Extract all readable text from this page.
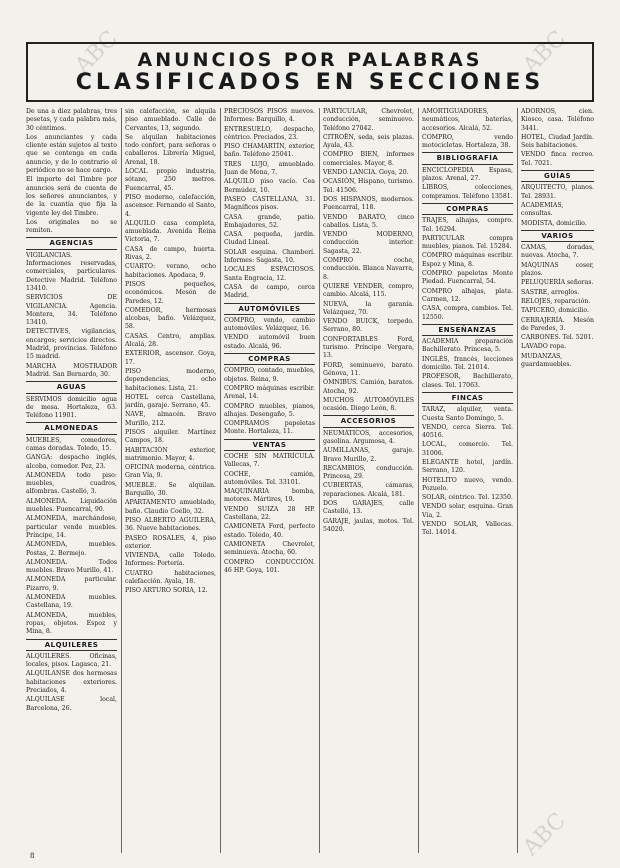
ABC	ABC
ABC
ANUNCIOS POR PALABRAS
CLASIFICADOS EN SECCIONES

De una a diez palabras, tres pesetas, y cada palabra más, 30 céntimos.

Los anunciantes y cada cliente están sujetos al texto que se contenga en cada anuncio, y de lo contrario el periódico no se hace cargo.

El importe del Timbre por anuncios será de cuenta de los señores anunciantes, y de la cuantía que fija la vigente ley del Timbre.

Los originales no se remiten.

AGENCIAS

VIGILANCIAS. Informaciones reservadas, comerciales, particulares. Detective Madrid. Teléfono 13410.

SERVICIOS DE VIGILANCIA. Agencia. Montera, 34. Teléfono 13410.

DETECTIVES, vigilancias, encargos; servicios directos. Madrid, provincias. Teléfono 15 madrid.

MARCHA MOSTRADOR Madrid. San Bernardo, 30.

AGUAS

SERVIMOS domicilio agua de mesa. Hortaleza, 63. Teléfono 11901.

ALMONEDAS

MUEBLES, comedores, camas doradas. Toledo, 15.

GANGA: despacho inglés, alcoba, comedor. Pez, 23.

ALMONEDA todo piso: muebles, cuadros, alfombras. Castelló, 3.

ALMONEDA. Liquidación muebles. Fuencarral, 90.

ALMONEDA, marchándose, particular vende muebles. Príncipe, 14.

ALMONEDA, muebles. Postas, 2. Bermejo.

ALMONEDA. Todos muebles. Bravo Murillo, 41.

ALMONEDA particular. Pizarro, 9.

ALMONEDA muebles. Castellana, 19.

ALMONEDA, muebles, ropas, objetos. Espoz y Mina, 8.

ALQUILERES

ALQUILERES. Oficinas, locales, pisos. Lagasca, 21.

ALQUILANSE dos hermosas habitaciones exteriores. Preciados, 4.

ALQUILASE local, Barcelona, 26.

sin calefacción, se alquila piso amueblado. Calle de Cervantes, 13, segundo.

Se alquilan habitaciones todo confort, para señoras o caballeros. Librería Miguel, Arenal, 18.

LOCAL propio industria, sótano, 250 metros. Fuencarral, 45.

PISO moderno, calefacción, ascensor. Fernando el Santo, 4.

ALQUILO casa completa, amueblada. Avenida Reina Victoria, 7.

CASA de campo, huerta. Rivas, 2.

CUARTO: verano, ocho habitaciones. Apodaca, 9.

PISOS pequeños, económicos. Mesón de Paredes, 12.

COMEDOR, hermosas alcobas, baño. Velázquez, 58.

CASAS. Centro, amplias. Alcalá, 28.

EXTERIOR, ascensor. Goya, 17.

PISO moderno, dependencias, ocho habitaciones. Lista, 21.

HOTEL cerca Castellana, jardín, garaje. Serrano, 45.

NAVE, almacén. Bravo Murillo, 212.

PISOS alquiler. Martínez Campos, 18.

HABITACIÓN exterior, matrimonio. Mayor, 4.

OFICINA moderna, céntrica. Gran Vía, 9.

MUEBLE. Se alquilan. Barquillo, 30.

APARTAMENTO amueblado, baño. Claudio Coello, 32.

PISO ALBERTO AGUILERA, 36. Nueve habitaciones.

PASEO ROSALES, 4, piso exterior.

VIVIENDA, calle Toledo. Informes: Portería.

CUATRO habitaciones, calefacción. Ayala, 18.

PISO ARTURO SORIA, 12.

PRECIOSOS PISOS nuevos. Informes: Barquillo, 4.

ENTRESUELO, despacho, céntrico. Preciados, 23.

PISO CHAMARTÍN, exterior, baño. Teléfono 25041.

TRES LUJO, amueblado. Juan de Mena, 7.

ALQUILO piso vacío. Cea Bermúdez, 10.

PASEO CASTELLANA, 31. Magníficos pisos.

CASA grande, patio. Embajadores, 52.

CASA pequeña, jardín. Ciudad Lineal.

SOLAR esquina. Chamberí. Informes: Sagasta, 10.

LOCALES ESPACIOSOS. Santa Engracia, 12.

CASA de campo, cerca Madrid.

AUTOMÓVILES

COMPRO, vendo, cambio automóviles. Velázquez, 16.

VENDO automóvil buen estado. Alcalá, 96.

COMPRAS

COMPRO, contado, muebles, objetos. Reina, 9.

COMPRO máquinas escribir. Arenal, 14.

COMPRO muebles, pianos, alhajas. Desengaño, 5.

COMPRAMOS papeletas Monte. Hortaleza, 11.

VENTAS

COCHE SIN MATRÍCULA. Vallecas, 7.

COCHE, camión, automóviles. Tel. 33101.

MAQUINARIA bomba, motores. Mártires, 19.

VENDO SUIZA 28 HP. Castellana, 22.

CAMIONETA Ford, perfecto estado. Toledo, 40.

CAMIONETA Chevrolet, seminueva. Atocha, 60.

COMPRO CONDUCCIÓN. 46 HP. Goya, 101.

PARTICULAR, Chevrolet, conducción, seminuevo. Teléfono 27042.

CITROËN, seda, seis plazas. Ayala, 43.

COMPRO BIEN, informes comerciales. Mayor, 8.

VENDO LANCIA. Goya, 20.

OCASIÓN, Hispano, turismo. Tel. 41506.

DOS HISPANOS, modernos. Fuencarral, 118.

VENDO BARATO, cinco caballos. Lista, 5.

VENDO MODERNO, conducción interior. Sagasta, 22.

COMPRO coche, conducción. Blanca Navarra, 8.

QUIERE VENDER, compro, cambio. Alcalá, 115.

NUEVA, la garanía. Velázquez, 70.

VENDO BUICK, torpedo. Serrano, 80.

CONFORTABLES Ford, turismo. Príncipe Vergara, 13.

FORD, seminuevo, barato. Génova, 11.

ÓMNIBUS. Camión, baratos. Atocha, 92.

MUCHOS AUTOMÓVILES ocasión. Diego León, 8.

ACCESORIOS

NEUMÁTICOS, accesorios, gasolina. Argumosa, 4.

AUMILLANAS, garaje. Bravo Murillo, 2.

RECAMBIOS, conducción. Princesa, 29.

CUBIERTAS, cámaras, reparaciones. Alcalá, 181.

DOS GARAJES, calle Castelló, 13.

GARAJE, jaulas, motos. Tel. 54020.

AMORTIGUADORES, neumáticos, baterías, accesorios. Alcalá, 52.

COMPRO, vendo motocicletas. Hortaleza, 38.

BIBLIOGRAFÍA

ENCICLOPEDIA Espasa, plazos. Arenal, 27.

LIBROS, colecciones, compramos. Teléfono 13581.

COMPRAS

TRAJES, alhajas, compro. Tel. 16294.

PARTICULAR compra muebles, pianos. Tel. 15284.

COMPRO máquinas escribir. Espoz y Mina, 8.

COMPRO papeletas Monte Piedad. Fuencarral, 54.

COMPRO alhajas, plata. Carmen, 12.

CASA, compra, cambios. Tel. 12550.

ENSEÑANZAS

ACADEMIA preparación Bachillerato. Princesa, 5.

INGLÉS, francés, lecciones domicilio. Tel. 21014.

PROFESOR, Bachillerato, clases. Tel. 17063.

FINCAS

TARAZ, alquiler, venta. Cuesta Santo Domingo, 5.

VENDO, cerca Sierra. Tel. 40516.

LOCAL, comercio. Tel. 31006.

ELEGANTE hotel, jardín. Serrano, 120.

HOTELITO nuevo, vendo. Pozuelo.

SOLAR, céntrico. Tel. 12350.

VENDO solar, esquina. Gran Vía, 2.

VENDO SOLAR, Vallecas. Tel. 14014.

ADORNOS, cien. Kiosco, casa. Teléfono 3441.

HOTEL, Ciudad Jardín. Seis habitaciones.

VENDO finca recreo. Tel. 7021.

GUÍAS

ARQUITECTO, planos. Tel. 28931.

ACADEMIAS, consultas.

MODISTA, domicilio.

VARIOS

CAMAS, doradas, nuevas. Atocha, 7.

MÁQUINAS coser, plazos.

PELUQUERÍA señoras.

SASTRE, arreglos.

RELOJES, reparación.

TAPICERO, domicilio.

CERRAJERÍA. Mesón de Paredes, 3.

CARBONES. Tel. 5201.

LAVADO ropa.

MUDANZAS, guardamuebles.

8
